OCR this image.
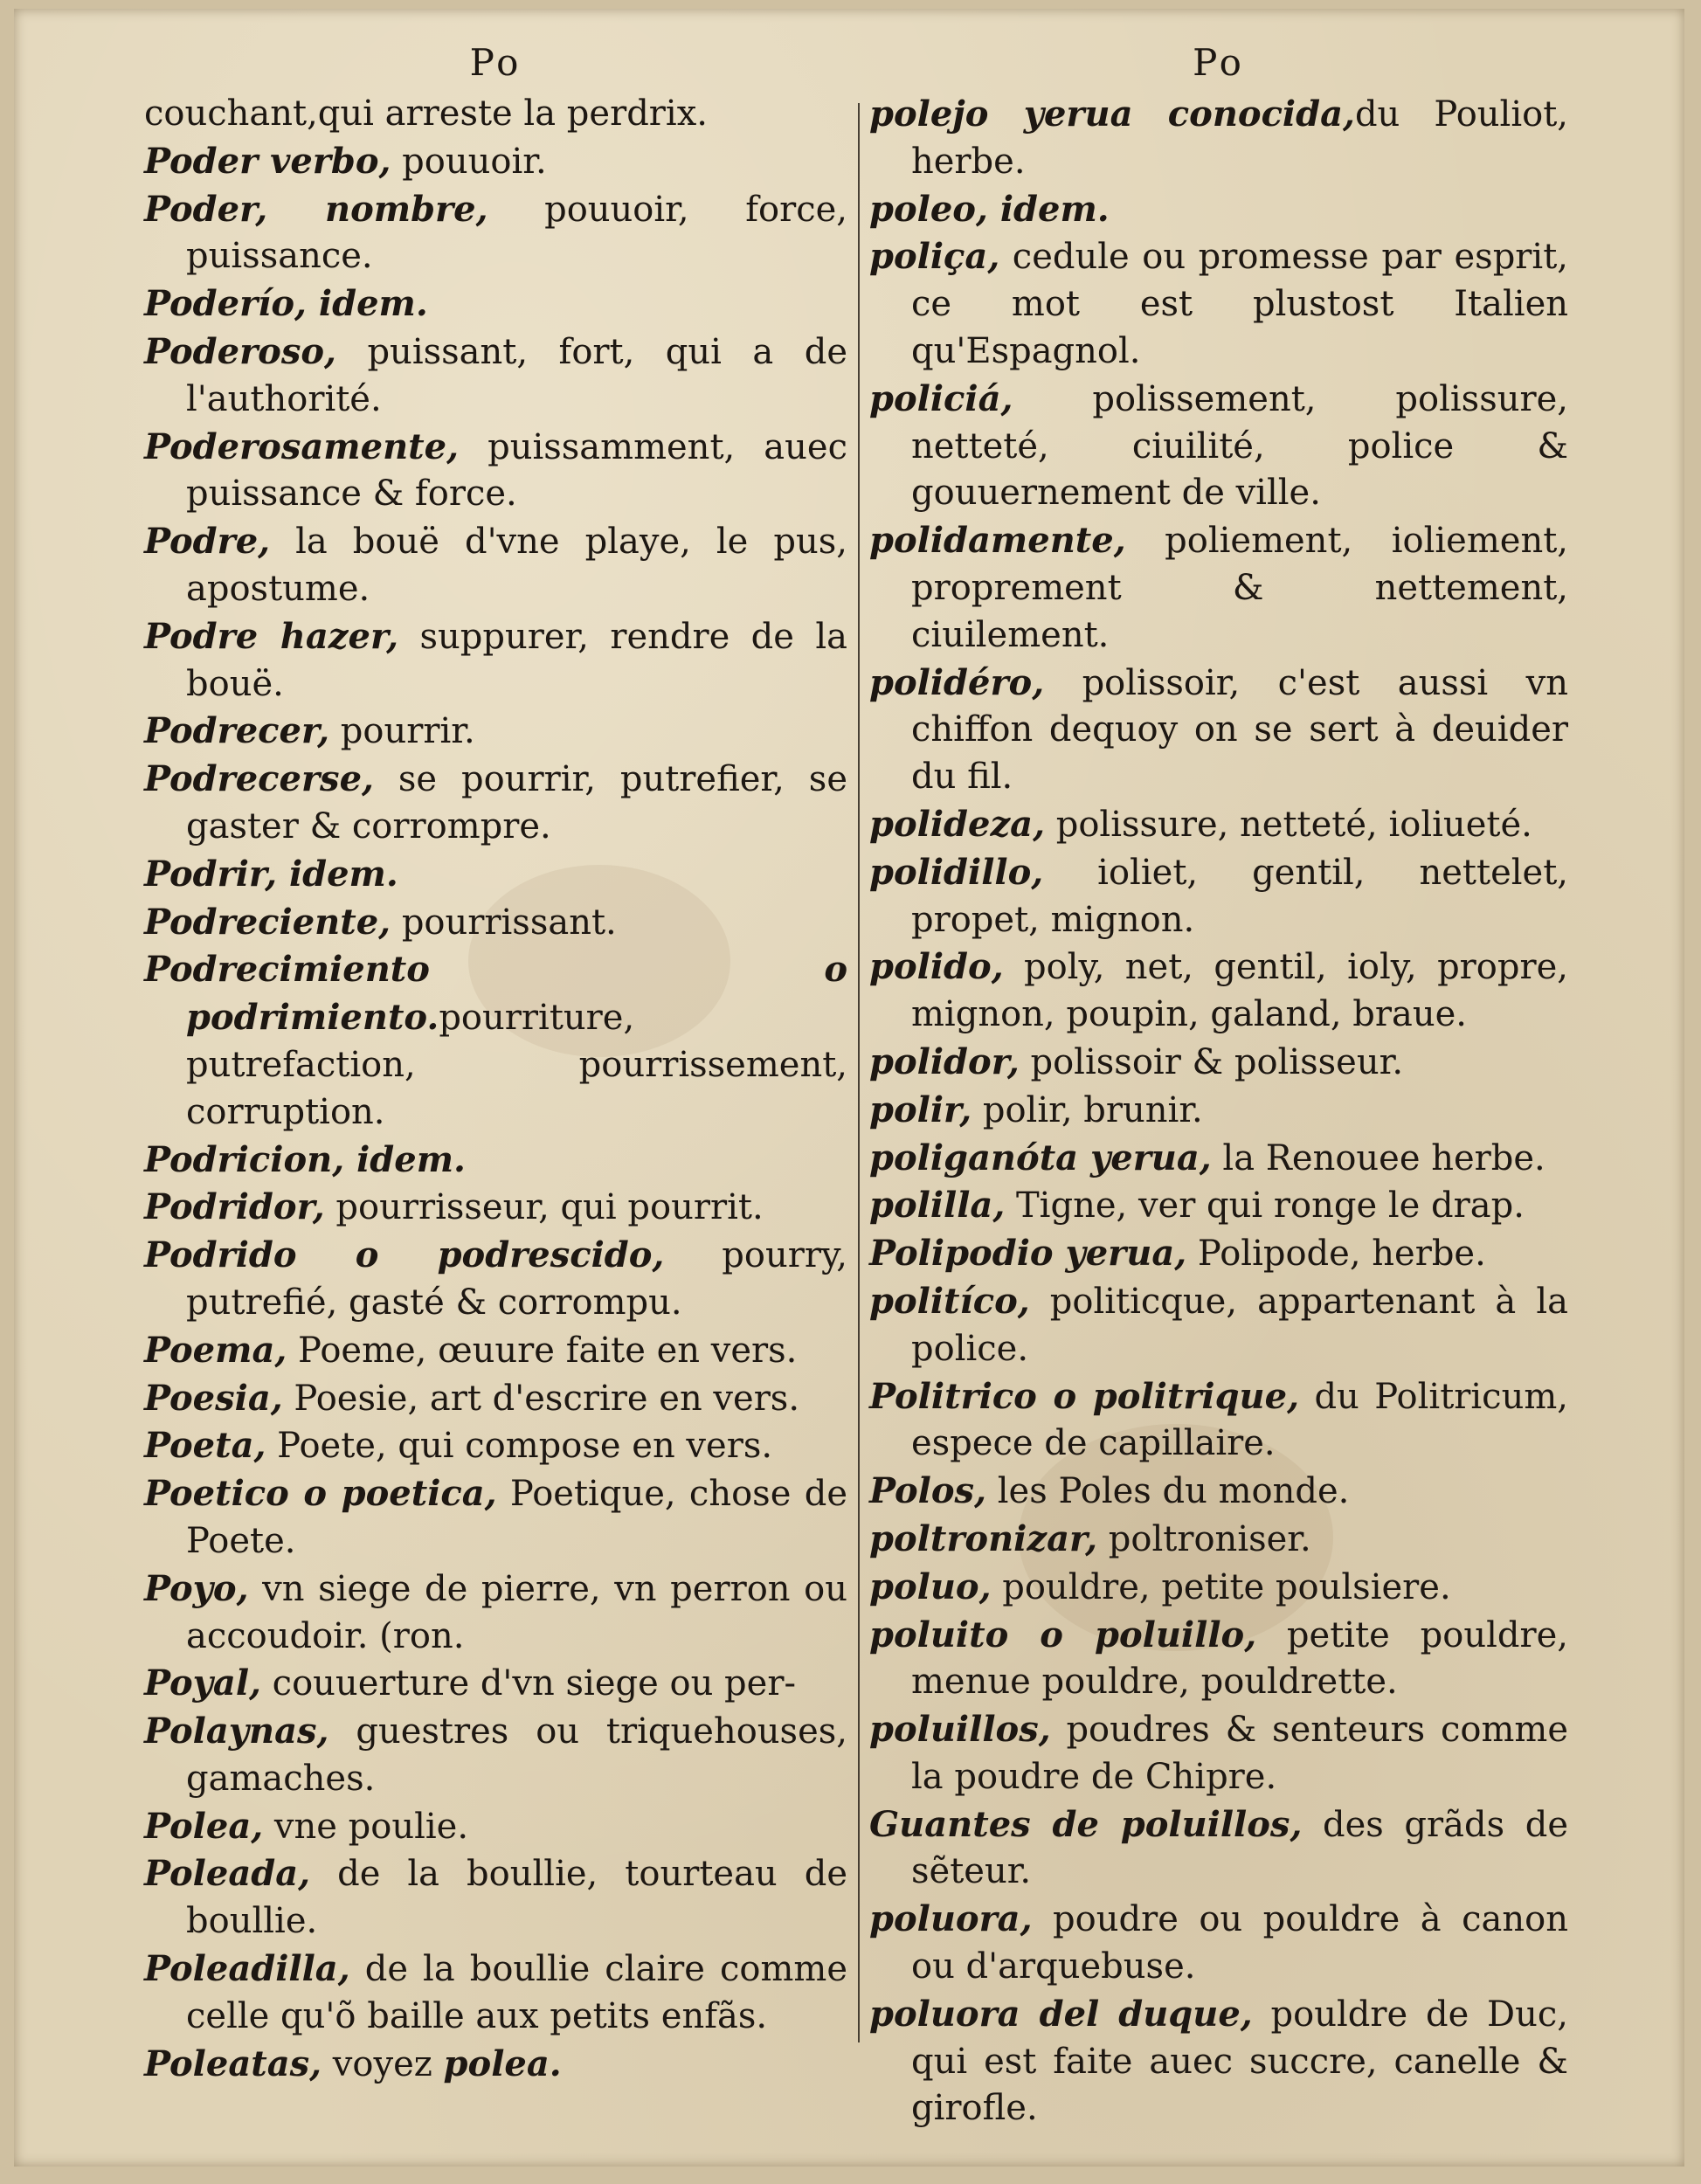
Po

couchant,qui arreste la perdrix.

Poder verbo, pouuoir.

Poder, nombre, pouuoir, force, puissance.

Poderío, idem.

Poderoso, puissant, fort, qui a de l'authorité.

Poderosamente, puissamment, auec puissance & force.

Podre, la bouë d'vne playe, le pus, apostume.

Podre hazer, suppurer, rendre de la bouë.

Podrecer, pourrir.

Podrecerse, se pourrir, putrefier, se gaster & corrompre.

Podrir, idem.

Podreciente, pourrissant.

Podrecimiento o podrimiento.pourriture, putrefaction, pourrissement, corruption.

Podricion, idem.

Podridor, pourrisseur, qui pourrit.

Podrido o podrescido, pourry, putrefié, gasté & corrompu.

Poema, Poeme, œuure faite en vers.

Poesia, Poesie, art d'escrire en vers.

Poeta, Poete, qui compose en vers.

Poetico o poetica, Poetique, chose de Poete.

Poyo, vn siege de pierre, vn perron ou accoudoir. (ron.

Poyal, couuerture d'vn siege ou per-

Polaynas, guestres ou triquehouses, gamaches.

Polea, vne poulie.

Poleada, de la boullie, tourteau de boullie.

Poleadilla, de la boullie claire comme celle qu'õ baille aux petits enfãs.

Poleatas, voyez polea.

Po

polejo yerua conocida,du Pouliot, herbe.

poleo, idem.

poliça, cedule ou promesse par esprit, ce mot est plustost Italien qu'Espagnol.

policiá, polissement, polissure, netteté, ciuilité, police & gouuernement de ville.

polidamente, poliement, ioliement, proprement & nettement, ciuilement.

polidéro, polissoir, c'est aussi vn chiffon dequoy on se sert à deuider du fil.

polideza, polissure, netteté, ioliueté.

polidillo, ioliet, gentil, nettelet, propet, mignon.

polido, poly, net, gentil, ioly, propre, mignon, poupin, galand, braue.

polidor, polissoir & polisseur.

polir, polir, brunir.

poliganóta yerua, la Renouee herbe.

polilla, Tigne, ver qui ronge le drap.

Polipodio yerua, Polipode, herbe.

politíco, politicque, appartenant à la police.

Politrico o politrique, du Politricum, espece de capillaire.

Polos, les Poles du monde.

poltronizar, poltroniser.

poluo, pouldre, petite poulsiere.

poluito o poluillo, petite pouldre, menue pouldre, pouldrette.

poluillos, poudres & senteurs comme la poudre de Chipre.

Guantes de poluillos, des grãds de sẽteur.

poluora, poudre ou pouldre à canon ou d'arquebuse.

poluora del duque, pouldre de Duc, qui est faite auec succre, canelle & girofle.
